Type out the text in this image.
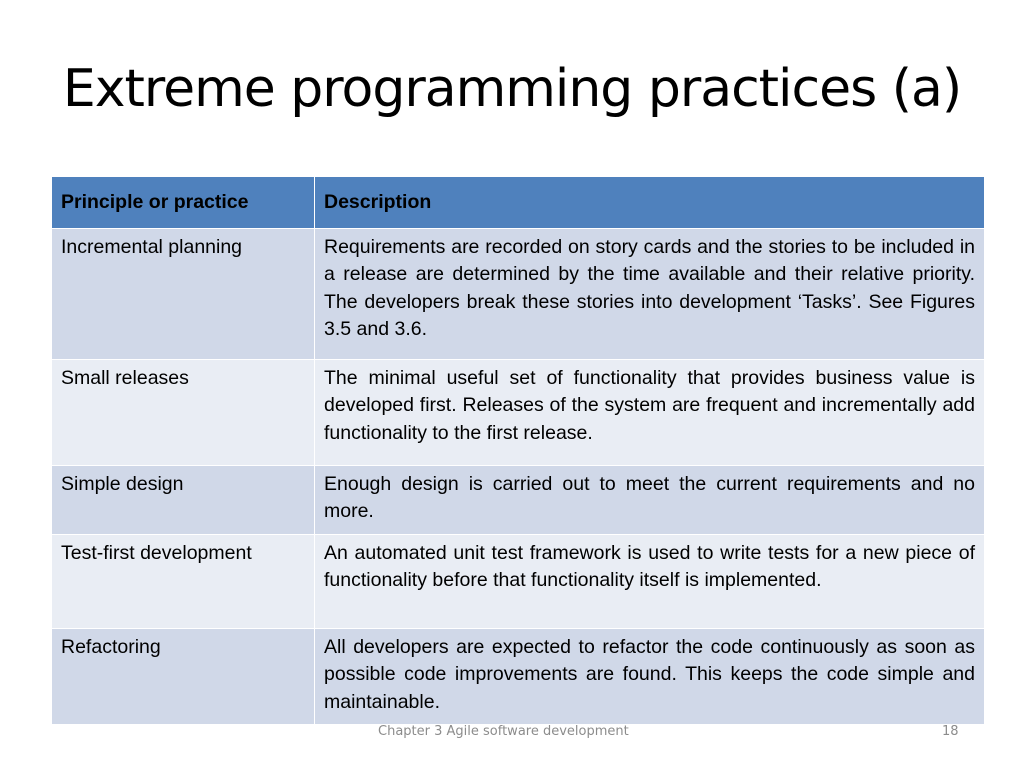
Extreme programming practices (a)
Principle or practice	Description
Incremental planning	Requirements are recorded on story cards and the stories to be included in a release are determined by the time available and their relative priority. The developers break these stories into development ‘Tasks’. See Figures 3.5 and 3.6.
Small releases	The minimal useful set of functionality that provides business value is developed first. Releases of the system are frequent and incrementally add functionality to the first release.
Simple design	Enough design is carried out to meet the current requirements and no more.
Test-first development	An automated unit test framework is used to write tests for a new piece of functionality before that functionality itself is implemented.
Refactoring	All developers are expected to refactor the code continuously as soon as possible code improvements are found. This keeps the code simple and maintainable.
Chapter 3 Agile software development	18
